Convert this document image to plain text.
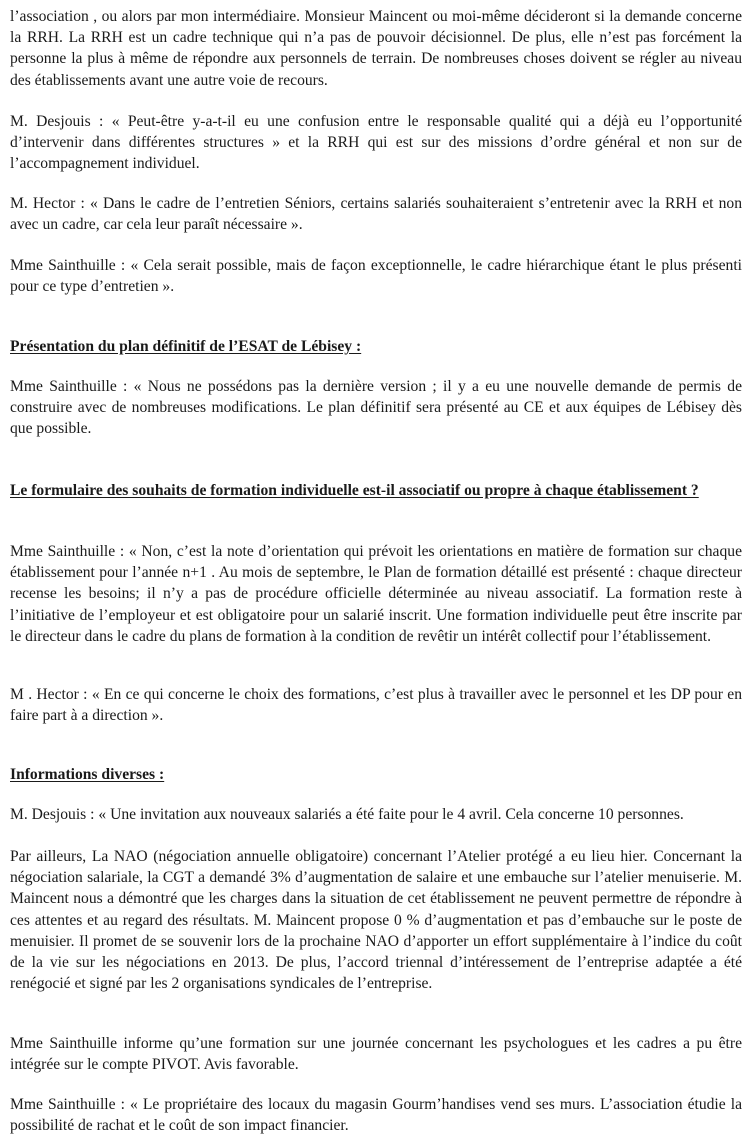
l’association , ou alors par mon intermédiaire. Monsieur Maincent ou moi-même décideront si la demande concerne la RRH. La RRH est un cadre technique qui n’a pas de pouvoir décisionnel. De plus, elle n’est pas forcément la personne la plus à même de répondre aux personnels de terrain. De nombreuses choses doivent se régler au niveau des établissements avant une autre voie de recours.

M. Desjouis : « Peut-être y-a-t-il eu une confusion entre le responsable qualité qui a déjà eu l’opportunité d’intervenir dans différentes structures » et la RRH qui est sur des missions d’ordre général et non sur de l’accompagnement individuel.

M. Hector : « Dans le cadre de l’entretien Séniors, certains salariés souhaiteraient s’entretenir avec la RRH et non avec un cadre, car cela leur paraît nécessaire ».

Mme Sainthuille : « Cela serait possible, mais de façon exceptionnelle, le cadre hiérarchique étant le plus présenti pour ce type d’entretien ».

Présentation du plan définitif de l’ESAT de Lébisey :

Mme Sainthuille : « Nous ne possédons pas la dernière version ; il y a eu une nouvelle demande de permis de construire avec de nombreuses modifications. Le plan définitif sera présenté au CE et aux équipes de Lébisey dès que possible.

Le formulaire des souhaits de formation individuelle est-il associatif ou propre à chaque établissement ?

Mme Sainthuille : « Non, c’est la note d’orientation qui prévoit les orientations en matière de formation sur chaque établissement pour l’année n+1 . Au mois de septembre, le Plan de formation détaillé est présenté : chaque directeur recense les besoins; il n’y a pas de procédure officielle déterminée au niveau associatif. La formation reste à l’initiative de l’employeur et est obligatoire pour un salarié inscrit. Une formation individuelle peut être inscrite par le directeur dans le cadre du plans de formation à la condition de revêtir un intérêt collectif pour l’établissement.

M . Hector : « En ce qui concerne le choix des formations, c’est plus à travailler avec le personnel et les DP pour en faire part à a direction ».

Informations diverses :

M. Desjouis : « Une invitation aux nouveaux salariés a été faite pour le 4 avril. Cela concerne 10 personnes.

Par ailleurs, La NAO (négociation annuelle obligatoire) concernant l’Atelier protégé a eu lieu hier. Concernant la négociation salariale, la CGT a demandé 3% d’augmentation de salaire et une embauche sur l’atelier menuiserie. M. Maincent nous a démontré que les charges dans la situation de cet établissement ne peuvent permettre de répondre à ces attentes et au regard des résultats. M. Maincent propose 0 % d’augmentation et pas d’embauche sur le poste de menuisier. Il promet de se souvenir lors de la prochaine NAO d’apporter un effort supplémentaire à l’indice du coût de la vie sur les négociations en 2013. De plus, l’accord triennal d’intéressement de l’entreprise adaptée a été renégocié et signé par les 2 organisations syndicales de l’entreprise.

Mme Sainthuille informe qu’une formation sur une journée concernant les psychologues et les cadres a pu être intégrée sur le compte PIVOT. Avis favorable.

Mme Sainthuille : « Le propriétaire des locaux du magasin Gourm’handises vend ses murs. L’association étudie la possibilité de rachat et le coût de son impact financier.
